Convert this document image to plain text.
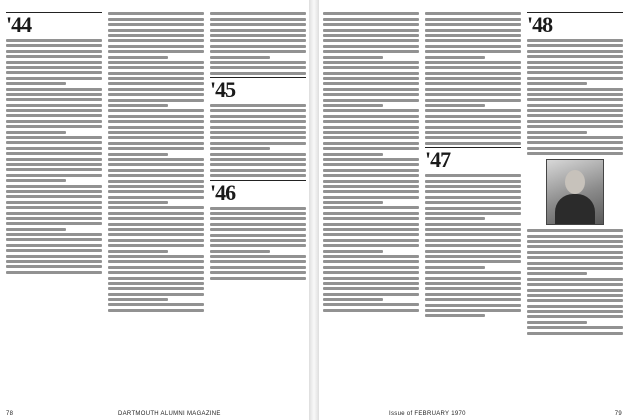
'44
'45
'46
78	DARTMOUTH ALUMNI MAGAZINE
'47
'48
Issue of FEBRUARY 1970	79
